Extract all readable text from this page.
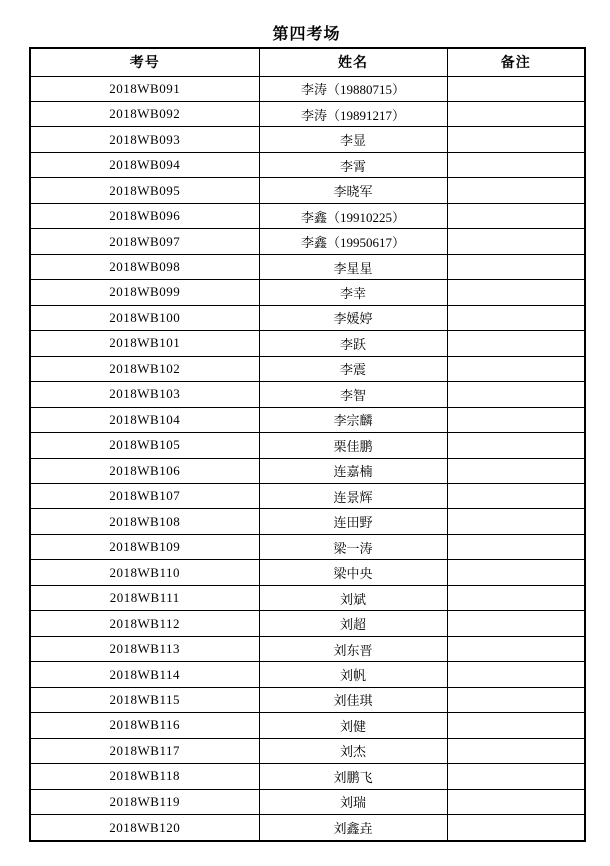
第四考场
考号	姓名	备注
2018WB091	李涛（19880715）	
2018WB092	李涛（19891217）	
2018WB093	李显	
2018WB094	李霄	
2018WB095	李晓军	
2018WB096	李鑫（19910225）	
2018WB097	李鑫（19950617）	
2018WB098	李星星	
2018WB099	李幸	
2018WB100	李媛婷	
2018WB101	李跃	
2018WB102	李震	
2018WB103	李智	
2018WB104	李宗麟	
2018WB105	栗佳鹏	
2018WB106	连嘉楠	
2018WB107	连景辉	
2018WB108	连田野	
2018WB109	梁一涛	
2018WB110	梁中央	
2018WB111	刘斌	
2018WB112	刘超	
2018WB113	刘东晋	
2018WB114	刘帆	
2018WB115	刘佳琪	
2018WB116	刘健	
2018WB117	刘杰	
2018WB118	刘鹏飞	
2018WB119	刘瑞	
2018WB120	刘鑫垚	
